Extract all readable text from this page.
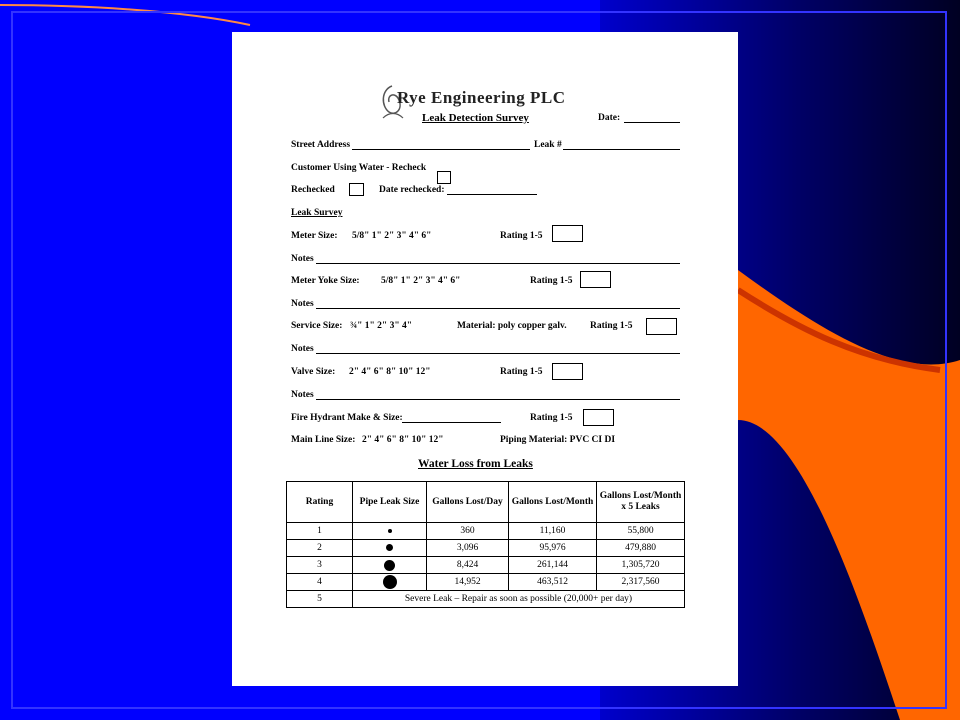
Rye Engineering PLC
Leak Detection Survey	Date:
Street Address	Leak #
Customer Using Water - Recheck
Rechecked	Date rechecked:
Leak Survey
Meter Size: 5/8" 1" 2" 3" 4" 6"	Rating 1-5
Notes
Meter Yoke Size: 5/8" 1" 2" 3" 4" 6"	Rating 1-5
Notes
Service Size: ¾" 1" 2" 3" 4"	Material: poly copper galv. Rating 1-5
Notes
Valve Size: 2" 4" 6" 8" 10" 12"	Rating 1-5
Notes
Fire Hydrant Make & Size:	Rating 1-5
Main Line Size: 2" 4" 6" 8" 10" 12"	Piping Material: PVC CI DI
Water Loss from Leaks
Rating	Pipe Leak Size	Gallons Lost/Day	Gallons Lost/Month	Gallons Lost/Month x 5 Leaks
1		360	11,160	55,800
2		3,096	95,976	479,880
3		8,424	261,144	1,305,720
4		14,952	463,512	2,317,560
5	Severe Leak – Repair as soon as possible (20,000+ per day)			
